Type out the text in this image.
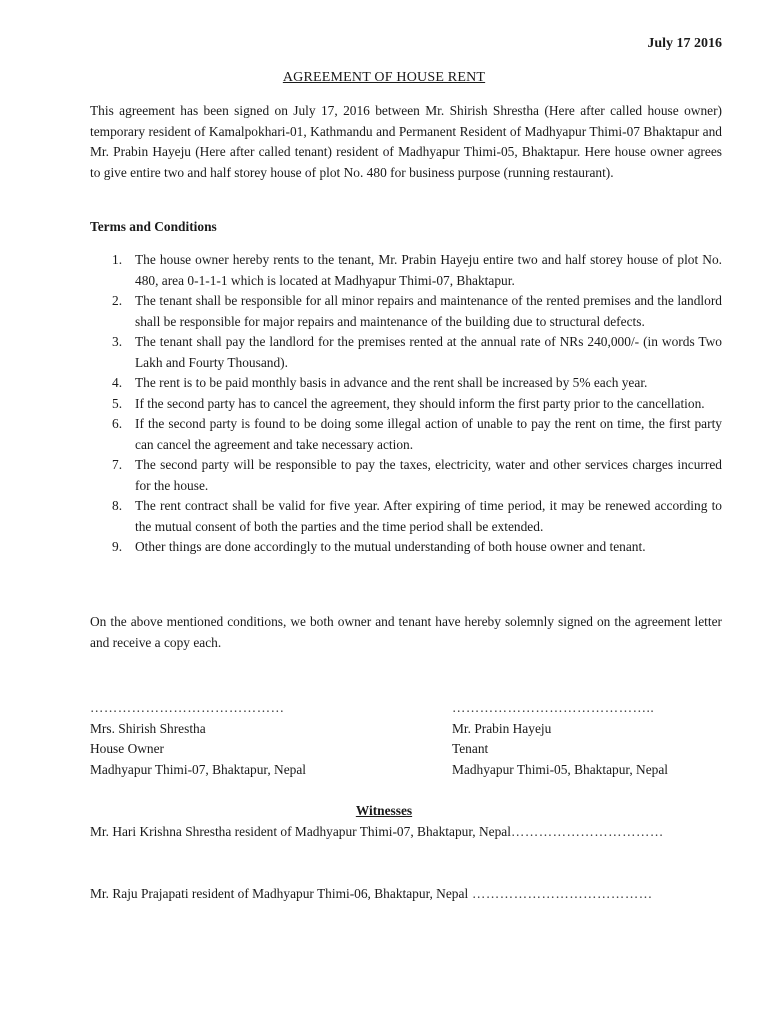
July 17 2016
AGREEMENT OF HOUSE RENT

This agreement has been signed on July 17, 2016 between Mr. Shirish Shrestha (Here after called house owner) temporary resident of Kamalpokhari-01, Kathmandu and Permanent Resident of Madhyapur Thimi-07 Bhaktapur and Mr. Prabin Hayeju (Here after called tenant) resident of Madhyapur Thimi-05, Bhaktapur. Here house owner agrees to give entire two and half storey house of plot No. 480 for business purpose (running restaurant).

Terms and Conditions

1. The house owner hereby rents to the tenant, Mr. Prabin Hayeju entire two and half storey house of plot No. 480, area 0-1-1-1 which is located at Madhyapur Thimi-07, Bhaktapur.
2. The tenant shall be responsible for all minor repairs and maintenance of the rented premises and the landlord shall be responsible for major repairs and maintenance of the building due to structural defects.
3. The tenant shall pay the landlord for the premises rented at the annual rate of NRs 240,000/- (in words Two Lakh and Fourty Thousand).
4. The rent is to be paid monthly basis in advance and the rent shall be increased by 5% each year.
5. If the second party has to cancel the agreement, they should inform the first party prior to the cancellation.
6. If the second party is found to be doing some illegal action of unable to pay the rent on time, the first party can cancel the agreement and take necessary action.
7. The second party will be responsible to pay the taxes, electricity, water and other services charges incurred for the house.
8. The rent contract shall be valid for five year. After expiring of time period, it may be renewed according to the mutual consent of both the parties and the time period shall be extended.
9. Other things are done accordingly to the mutual understanding of both house owner and tenant.

On the above mentioned conditions, we both owner and tenant have hereby solemnly signed on the agreement letter and receive a copy each.

……………………………………
Mrs. Shirish Shrestha
House Owner
Madhyapur Thimi-07, Bhaktapur, Nepal
……………………………………..
Mr. Prabin Hayeju
Tenant
Madhyapur Thimi-05, Bhaktapur, Nepal
Witnesses
Mr. Hari Krishna Shrestha resident of Madhyapur Thimi-07, Bhaktapur, Nepal……………………………
Mr. Raju Prajapati resident of Madhyapur Thimi-06, Bhaktapur, Nepal …………………………………
